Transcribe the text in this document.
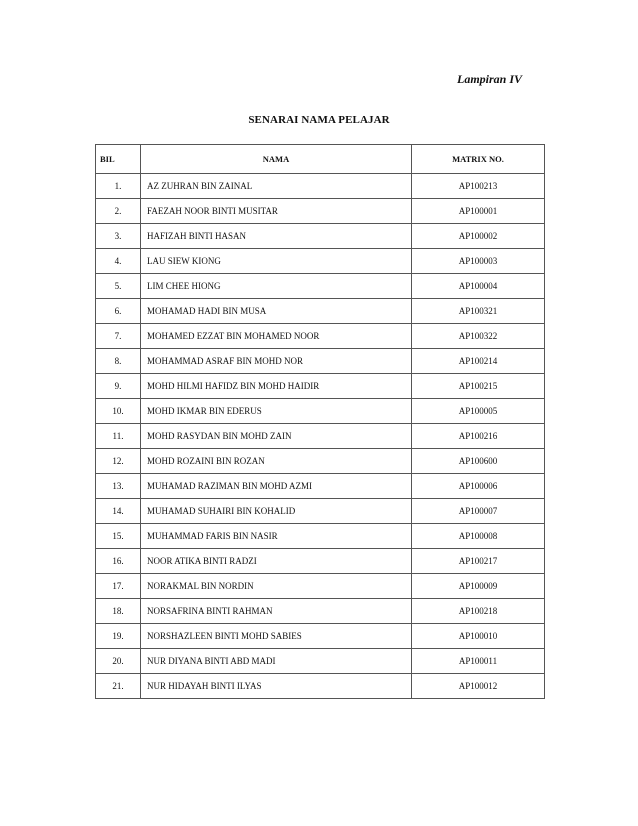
Lampiran IV
SENARAI NAMA PELAJAR
BIL	NAMA	MATRIX NO.
1.	AZ ZUHRAN BIN ZAINAL	AP100213
2.	FAEZAH NOOR BINTI MUSITAR	AP100001
3.	HAFIZAH BINTI HASAN	AP100002
4.	LAU SIEW KIONG	AP100003
5.	LIM CHEE HIONG	AP100004
6.	MOHAMAD HADI BIN MUSA	AP100321
7.	MOHAMED EZZAT BIN MOHAMED NOOR	AP100322
8.	MOHAMMAD ASRAF BIN MOHD NOR	AP100214
9.	MOHD HILMI HAFIDZ BIN MOHD HAIDIR	AP100215
10.	MOHD IKMAR BIN EDERUS	AP100005
11.	MOHD RASYDAN BIN MOHD ZAIN	AP100216
12.	MOHD ROZAINI BIN ROZAN	AP100600
13.	MUHAMAD RAZIMAN BIN MOHD AZMI	AP100006
14.	MUHAMAD SUHAIRI BIN KOHALID	AP100007
15.	MUHAMMAD FARIS BIN NASIR	AP100008
16.	NOOR ATIKA BINTI RADZI	AP100217
17.	NORAKMAL BIN NORDIN	AP100009
18.	NORSAFRINA BINTI RAHMAN	AP100218
19.	NORSHAZLEEN BINTI MOHD SABIES	AP100010
20.	NUR DIYANA BINTI ABD MADI	AP100011
21.	NUR HIDAYAH BINTI ILYAS	AP100012
